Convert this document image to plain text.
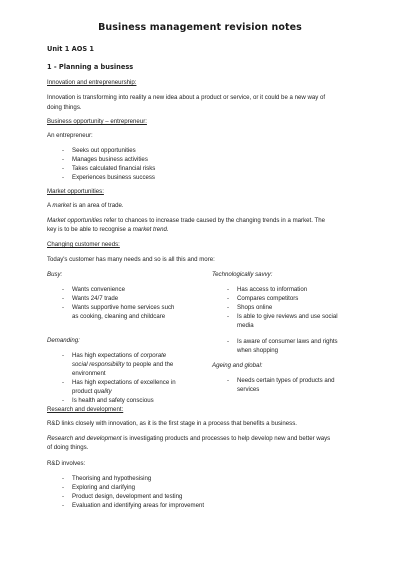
Business management revision notes
Unit 1 AOS 1
1 - Planning a business
Innovation and entrepreneurship:
Innovation is transforming into reality a new idea about a product or service, or it could be a new way of
doing things.
Business opportunity – entrepreneur:
An entrepreneur:
- Seeks out opportunities
- Manages business activities
- Takes calculated financial risks
- Experiences business success
Market opportunities:
A market is an area of trade.
Market opportunities refer to chances to increase trade caused by the changing trends in a market. The
key is to be able to recognise a market trend.
Changing customer needs:
Today's customer has many needs and so is all this and more:
Busy:
- Wants convenience
- Wants 24/7 trade
- Wants supportive home services such
as cooking, cleaning and childcare
Technologically savvy:
- Has access to information
- Compares competitors
- Shops online
- Is able to give reviews and use social
media
- Is aware of consumer laws and rights
when shopping
Demanding:
- Has high expectations of corporate
social responsibility to people and the
environment
- Has high expectations of excellence in
product quality
- Is health and safety conscious
Ageing and global:
- Needs certain types of products and
services
Research and development:
R&D links closely with innovation, as it is the first stage in a process that benefits a business.
Research and development is investigating products and processes to help develop new and better ways
of doing things.
R&D involves:
- Theorising and hypothesising
- Exploring and clarifying
- Product design, development and testing
- Evaluation and identifying areas for improvement
